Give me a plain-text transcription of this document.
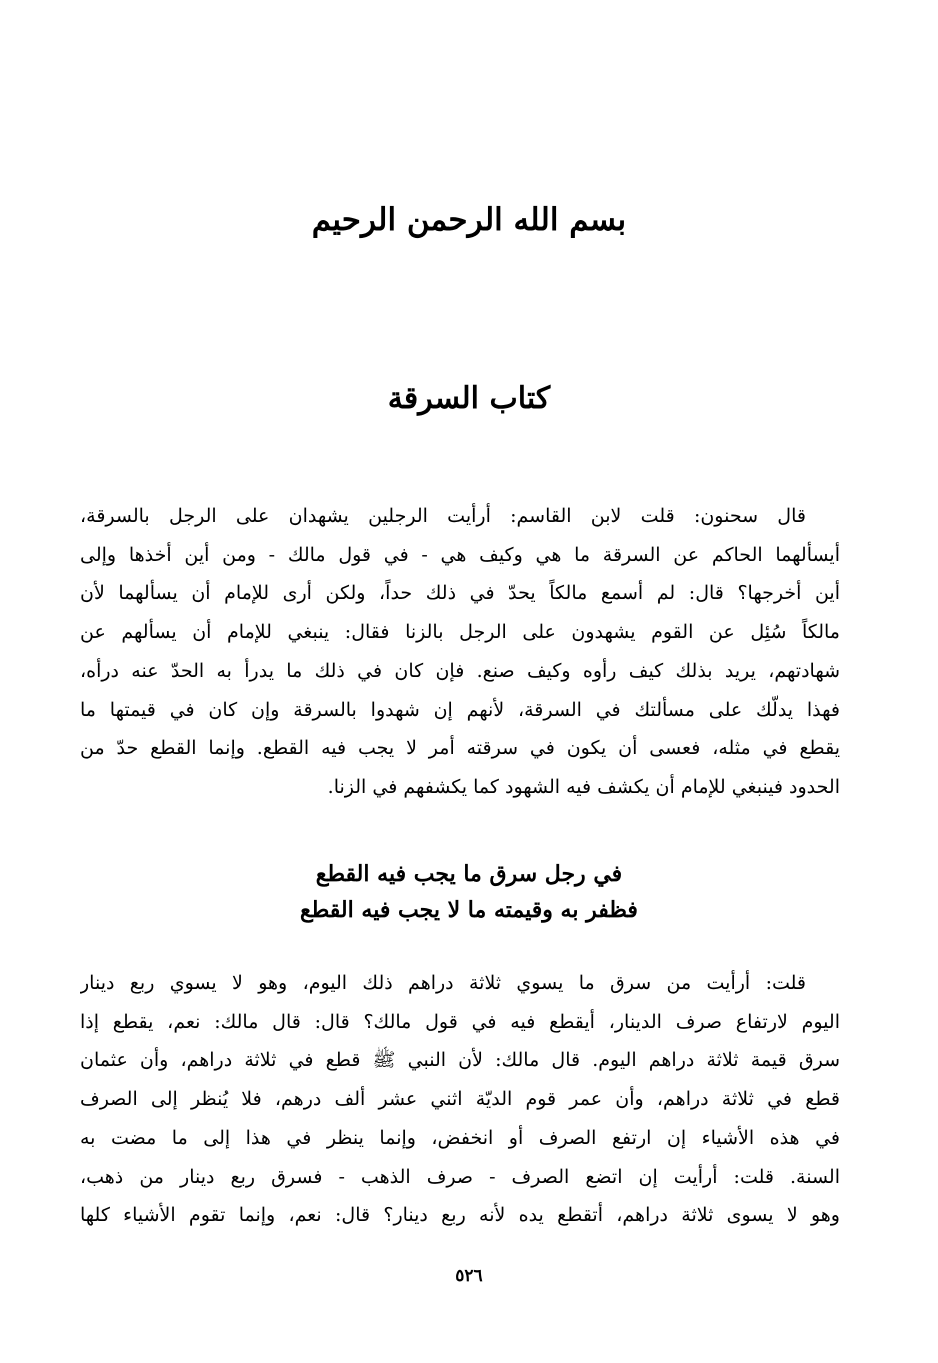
بسم الله الرحمن الرحيم
كتاب السرقة
قال سحنون: قلت لابن القاسم: أرأيت الرجلين يشهدان على الرجل بالسرقة،
أيسألهما الحاكم عن السرقة ما هي وكيف هي - في قول مالك - ومن أين أخذها وإلى
أين أخرجها؟ قال: لم أسمع مالكاً يحدّ في ذلك حداً، ولكن أرى للإمام أن يسألهما لأن
مالكاً سُئِل عن القوم يشهدون على الرجل بالزنا فقال: ينبغي للإمام أن يسألهم عن
شهادتهم، يريد بذلك كيف رأوه وكيف صنع. فإن كان في ذلك ما يدرأ به الحدّ عنه درأه،
فهذا يدلّك على مسألتك في السرقة، لأنهم إن شهدوا بالسرقة وإن كان في قيمتها ما
يقطع في مثله، فعسى أن يكون في سرقته أمر لا يجب فيه القطع. وإنما القطع حدّ من
الحدود فينبغي للإمام أن يكشف فيه الشهود كما يكشفهم في الزنا.
في رجل سرق ما يجب فيه القطع
فظفر به وقيمته ما لا يجب فيه القطع
قلت: أرأيت من سرق ما يسوي ثلاثة دراهم ذلك اليوم، وهو لا يسوي ربع دينار
اليوم لارتفاع صرف الدينار، أيقطع فيه في قول مالك؟ قال: قال مالك: نعم، يقطع إذا
سرق قيمة ثلاثة دراهم اليوم. قال مالك: لأن النبي ﷺ قطع في ثلاثة دراهم، وأن عثمان
قطع في ثلاثة دراهم، وأن عمر قوم الديّة اثني عشر ألف درهم، فلا يُنظر إلى الصرف
في هذه الأشياء إن ارتفع الصرف أو انخفض، وإنما ينظر في هذا إلى ما مضت به
السنة. قلت: أرأيت إن اتضع الصرف - صرف الذهب - فسرق ربع دينار من ذهب،
وهو لا يسوى ثلاثة دراهم، أتقطع يده لأنه ربع دينار؟ قال: نعم، وإنما تقوم الأشياء كلها
٥٢٦
